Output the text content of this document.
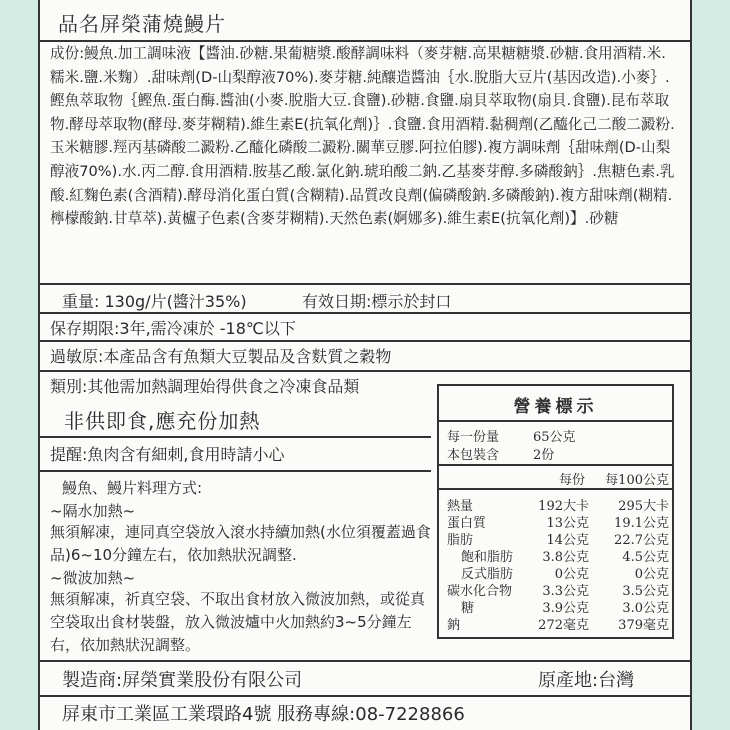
品名屏榮蒲燒鰻片
成份:鰻魚.加工調味液【醬油.砂糖.果葡糖漿.酸酵調味料（麥芽糖.高果糖糖漿.砂糖.食用酒精.米.糯米.鹽.米麴）.甜味劑(D-山梨醇液70%).麥芽糖.純釀造醬油｛水.脫脂大豆片(基因改造).小麥｝.鰹魚萃取物｛鰹魚.蛋白酶.醬油(小麥.脫脂大豆.食鹽).砂糖.食鹽.扇貝萃取物(扇貝.食鹽).昆布萃取物.酵母萃取物(酵母.麥芽糊精).維生素E(抗氧化劑)｝.食鹽.食用酒精.黏稠劑(乙醯化己二酸二澱粉.玉米糖膠.羥丙基磷酸二澱粉.乙醯化磷酸二澱粉.關華豆膠.阿拉伯膠).複方調味劑｛甜味劑(D-山梨醇液70%).水.丙二醇.食用酒精.胺基乙酸.氯化鈉.琥珀酸二鈉.乙基麥芽醇.多磷酸鈉｝.焦糖色素.乳酸.紅麴色素(含酒精).酵母消化蛋白質(含糊精).品質改良劑(偏磷酸鈉.多磷酸鈉).複方甜味劑(糊精.檸檬酸鈉.甘草萃).黃櫨子色素(含麥芽糊精).天然色素(婀娜多).維生素E(抗氧化劑)】.砂糖
重量: 130g/片(醬汁35%)	有效日期:標示於封口
保存期限:3年,需冷凍於 -18℃以下
過敏原:本產品含有魚類大豆製品及含麩質之穀物
類別:其他需加熱調理始得供食之冷凍食品類
非供即食,應充份加熱
提醒:魚肉含有細刺,食用時請小心
鰻魚、鰻片料理方式:
~隔水加熱~
無須解凍，連同真空袋放入滾水持續加熱(水位須覆蓋過食品)6~10分鐘左右，依加熱狀況調整.
~微波加熱~
無須解凍，祈真空袋、不取出食材放入微波加熱，或從真空袋取出食材裝盤，放入微波爐中火加熱約3~5分鐘左右，依加熱狀況調整。
營養標示
每一份量	65公克
本包裝含	2份
每份	每100公克
熱量	192大卡	295大卡
蛋白質	13公克	19.1公克
脂肪	14公克	22.7公克
飽和脂肪	3.8公克	4.5公克
反式脂肪	0公克	0公克
碳水化合物	3.3公克	3.5公克
糖	3.9公克	3.0公克
鈉	272毫克	379毫克
製造商:屏榮實業股份有限公司	原產地:台灣
屏東市工業區工業環路4號 服務專線:08-7228866
